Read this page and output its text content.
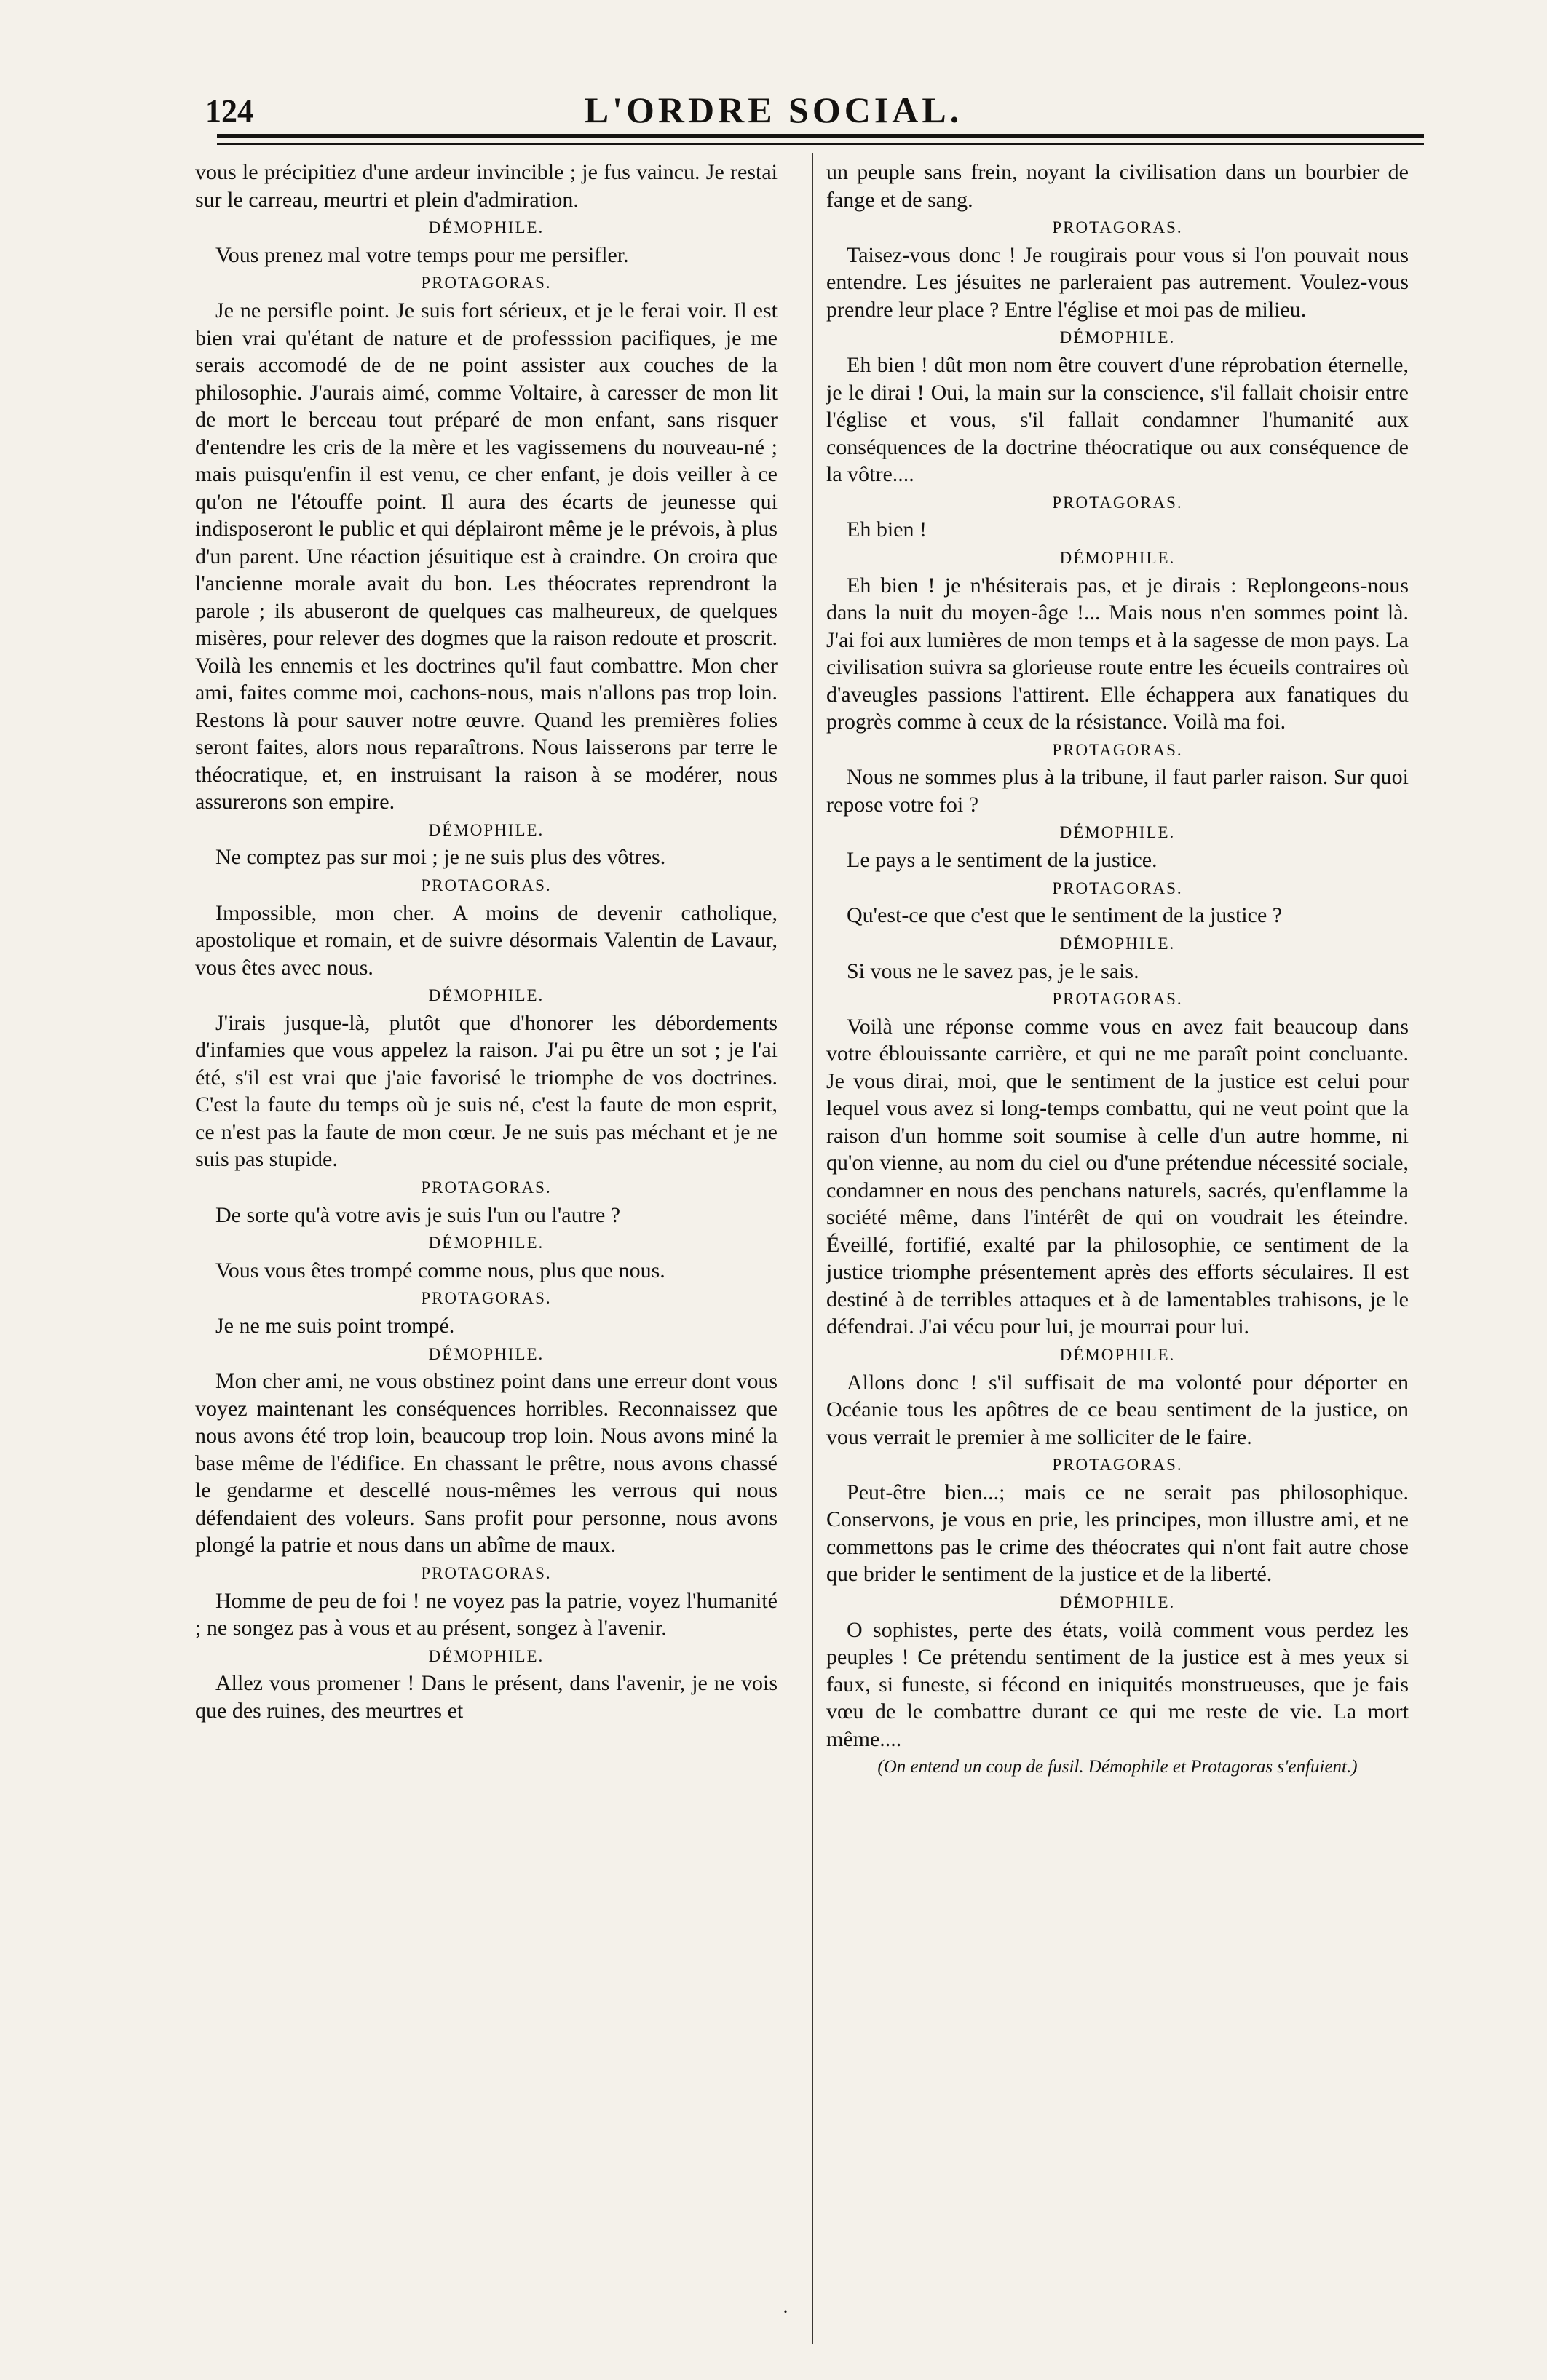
124	L'ORDRE SOCIAL.

vous le précipitiez d'une ardeur invincible ; je fus vaincu. Je restai sur le carreau, meurtri et plein d'admiration.

DÉMOPHILE.

Vous prenez mal votre temps pour me persifler.

PROTAGORAS.

Je ne persifle point. Je suis fort sérieux, et je le ferai voir. Il est bien vrai qu'étant de nature et de professsion pacifiques, je me serais accomodé de de ne point assister aux couches de la philosophie. J'aurais aimé, comme Voltaire, à caresser de mon lit de mort le berceau tout préparé de mon enfant, sans risquer d'entendre les cris de la mère et les vagissemens du nouveau-né ; mais puisqu'enfin il est venu, ce cher enfant, je dois veiller à ce qu'on ne l'étouffe point. Il aura des écarts de jeunesse qui indisposeront le public et qui déplairont même je le prévois, à plus d'un parent. Une réaction jésuitique est à craindre. On croira que l'ancienne morale avait du bon. Les théocrates reprendront la parole ; ils abuseront de quelques cas malheureux, de quelques misères, pour relever des dogmes que la raison redoute et proscrit. Voilà les ennemis et les doctrines qu'il faut combattre. Mon cher ami, faites comme moi, cachons-nous, mais n'allons pas trop loin. Restons là pour sauver notre œuvre. Quand les premières folies seront faites, alors nous reparaîtrons. Nous laisserons par terre le théocratique, et, en instruisant la raison à se modérer, nous assurerons son empire.

DÉMOPHILE.

Ne comptez pas sur moi ; je ne suis plus des vôtres.

PROTAGORAS.

Impossible, mon cher. A moins de devenir catholique, apostolique et romain, et de suivre désormais Valentin de Lavaur, vous êtes avec nous.

DÉMOPHILE.

J'irais jusque-là, plutôt que d'honorer les débordements d'infamies que vous appelez la raison. J'ai pu être un sot ; je l'ai été, s'il est vrai que j'aie favorisé le triomphe de vos doctrines. C'est la faute du temps où je suis né, c'est la faute de mon esprit, ce n'est pas la faute de mon cœur. Je ne suis pas méchant et je ne suis pas stupide.

PROTAGORAS.

De sorte qu'à votre avis je suis l'un ou l'autre ?

DÉMOPHILE.

Vous vous êtes trompé comme nous, plus que nous.

PROTAGORAS.

Je ne me suis point trompé.

DÉMOPHILE.

Mon cher ami, ne vous obstinez point dans une erreur dont vous voyez maintenant les conséquences horribles. Reconnaissez que nous avons été trop loin, beaucoup trop loin. Nous avons miné la base même de l'édifice. En chassant le prêtre, nous avons chassé le gendarme et descellé nous-mêmes les verrous qui nous défendaient des voleurs. Sans profit pour personne, nous avons plongé la patrie et nous dans un abîme de maux.

PROTAGORAS.

Homme de peu de foi ! ne voyez pas la patrie, voyez l'humanité ; ne songez pas à vous et au présent, songez à l'avenir.

DÉMOPHILE.

Allez vous promener ! Dans le présent, dans l'avenir, je ne vois que des ruines, des meurtres et

un peuple sans frein, noyant la civilisation dans un bourbier de fange et de sang.

PROTAGORAS.

Taisez-vous donc ! Je rougirais pour vous si l'on pouvait nous entendre. Les jésuites ne parleraient pas autrement. Voulez-vous prendre leur place ? Entre l'église et moi pas de milieu.

DÉMOPHILE.

Eh bien ! dût mon nom être couvert d'une réprobation éternelle, je le dirai ! Oui, la main sur la conscience, s'il fallait choisir entre l'église et vous, s'il fallait condamner l'humanité aux conséquences de la doctrine théocratique ou aux conséquence de la vôtre....

PROTAGORAS.

Eh bien !

DÉMOPHILE.

Eh bien ! je n'hésiterais pas, et je dirais : Replongeons-nous dans la nuit du moyen-âge !... Mais nous n'en sommes point là. J'ai foi aux lumières de mon temps et à la sagesse de mon pays. La civilisation suivra sa glorieuse route entre les écueils contraires où d'aveugles passions l'attirent. Elle échappera aux fanatiques du progrès comme à ceux de la résistance. Voilà ma foi.

PROTAGORAS.

Nous ne sommes plus à la tribune, il faut parler raison. Sur quoi repose votre foi ?

DÉMOPHILE.

Le pays a le sentiment de la justice.

PROTAGORAS.

Qu'est-ce que c'est que le sentiment de la justice ?

DÉMOPHILE.

Si vous ne le savez pas, je le sais.

PROTAGORAS.

Voilà une réponse comme vous en avez fait beaucoup dans votre éblouissante carrière, et qui ne me paraît point concluante. Je vous dirai, moi, que le sentiment de la justice est celui pour lequel vous avez si long-temps combattu, qui ne veut point que la raison d'un homme soit soumise à celle d'un autre homme, ni qu'on vienne, au nom du ciel ou d'une prétendue nécessité sociale, condamner en nous des penchans naturels, sacrés, qu'enflamme la société même, dans l'intérêt de qui on voudrait les éteindre. Éveillé, fortifié, exalté par la philosophie, ce sentiment de la justice triomphe présentement après des efforts séculaires. Il est destiné à de terribles attaques et à de lamentables trahisons, je le défendrai. J'ai vécu pour lui, je mourrai pour lui.

DÉMOPHILE.

Allons donc ! s'il suffisait de ma volonté pour déporter en Océanie tous les apôtres de ce beau sentiment de la justice, on vous verrait le premier à me solliciter de le faire.

PROTAGORAS.

Peut-être bien...; mais ce ne serait pas philosophique. Conservons, je vous en prie, les principes, mon illustre ami, et ne commettons pas le crime des théocrates qui n'ont fait autre chose que brider le sentiment de la justice et de la liberté.

DÉMOPHILE.

O sophistes, perte des états, voilà comment vous perdez les peuples ! Ce prétendu sentiment de la justice est à mes yeux si faux, si funeste, si fécond en iniquités monstrueuses, que je fais vœu de le combattre durant ce qui me reste de vie. La mort même....

(On entend un coup de fusil. Démophile et Protagoras s'enfuient.)

·
